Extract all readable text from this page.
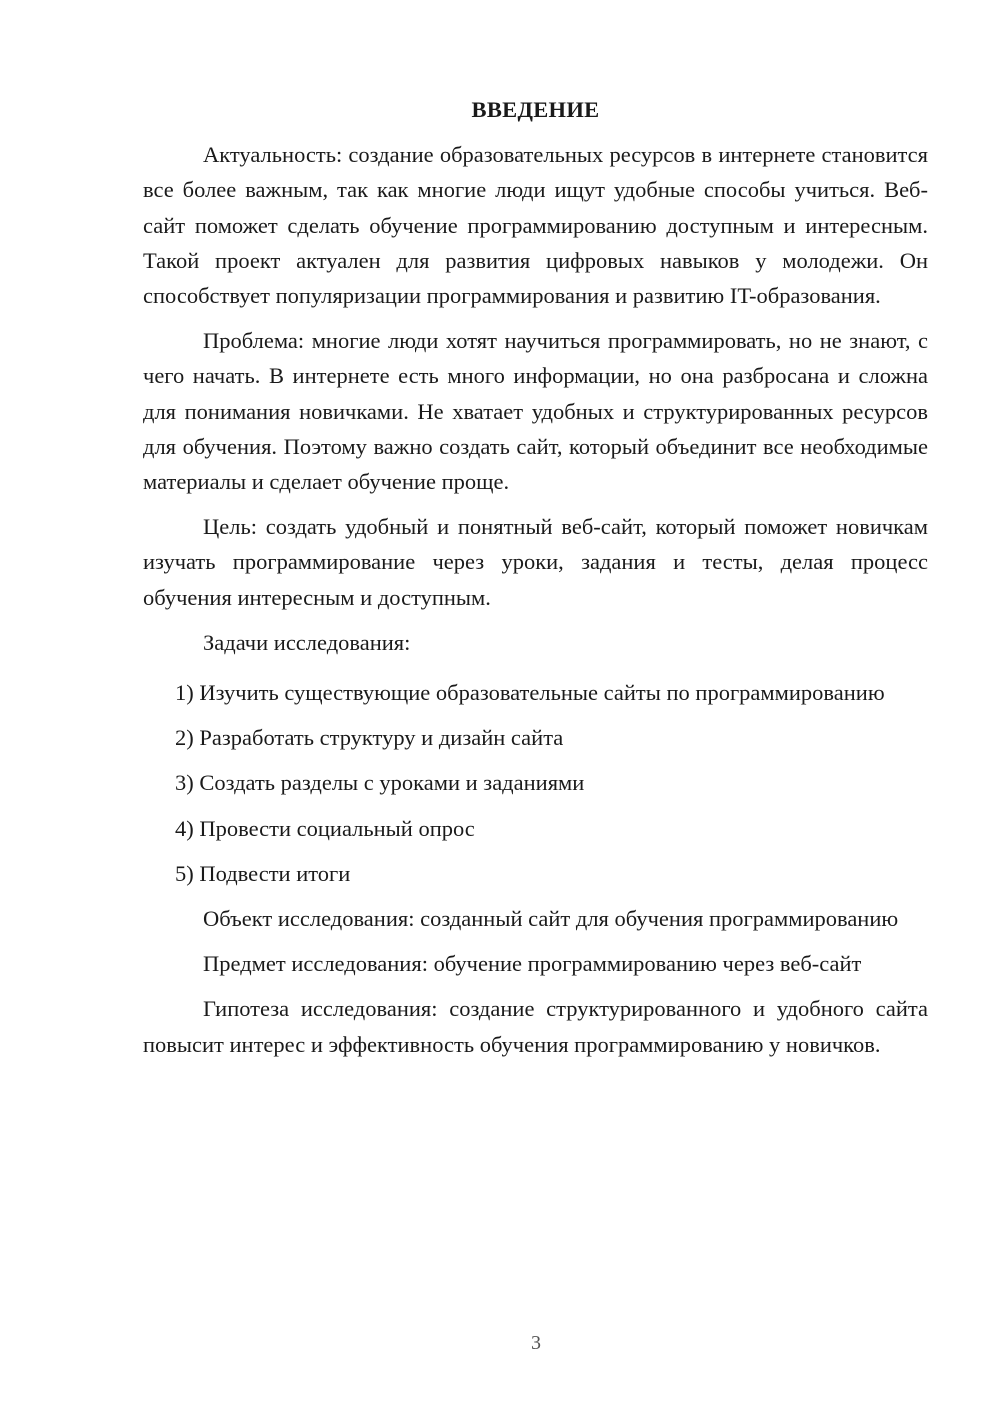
ВВЕДЕНИЕ

Актуальность: создание образовательных ресурсов в интернете становится все более важным, так как многие люди ищут удобные способы учиться. Веб-сайт поможет сделать обучение программированию доступным и интересным. Такой проект актуален для развития цифровых навыков у молодежи. Он способствует популяризации программирования и развитию IT-образования.

Проблема: многие люди хотят научиться программировать, но не знают, с чего начать. В интернете есть много информации, но она разбросана и сложна для понимания новичками. Не хватает удобных и структурированных ресурсов для обучения. Поэтому важно создать сайт, который объединит все необходимые материалы и сделает обучение проще.

Цель: создать удобный и понятный веб-сайт, который поможет новичкам изучать программирование через уроки, задания и тесты, делая процесс обучения интересным и доступным.

Задачи исследования:

1) Изучить существующие образовательные сайты по программированию

2) Разработать структуру и дизайн сайта

3) Создать разделы с уроками и заданиями

4) Провести социальный опрос

5) Подвести итоги

Объект исследования: созданный сайт для обучения программированию

Предмет исследования: обучение программированию через веб-сайт

Гипотеза исследования: создание структурированного и удобного сайта повысит интерес и эффективность обучения программированию у новичков.

3
